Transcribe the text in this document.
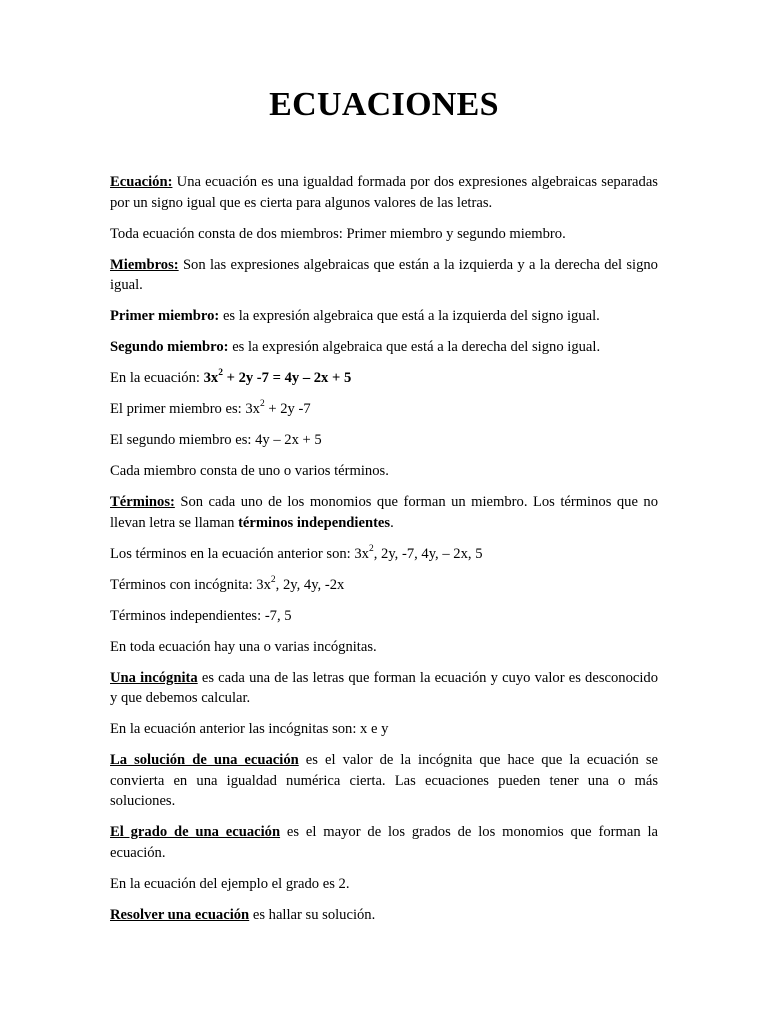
ECUACIONES

Ecuación: Una ecuación es una igualdad formada por dos expresiones algebraicas separadas por un signo igual que es cierta para algunos valores de las letras.

Toda ecuación consta de dos miembros: Primer miembro y segundo miembro.

Miembros: Son las expresiones algebraicas que están a la izquierda y a la derecha del signo igual.

Primer miembro: es la expresión algebraica que está a la izquierda del signo igual.

Segundo miembro: es la expresión algebraica que está a la derecha del signo igual.

En la ecuación: $3x^2 + 2y$ -7 = 4y – 2x + 5

El primer miembro es: $3x^2 + 2y$ -7

El segundo miembro es: 4y – 2x + 5

Cada miembro consta de uno o varios términos.

Términos: Son cada uno de los monomios que forman un miembro. Los términos que no llevan letra se llaman términos independientes.

Los términos en la ecuación anterior son: $3x^2$, 2y, -7, 4y, – 2x, 5

Términos con incógnita: $3x^2$, 2y, 4y, -2x

Términos independientes: -7, 5

En toda ecuación hay una o varias incógnitas.

Una incógnita es cada una de las letras que forman la ecuación y cuyo valor es desconocido y que debemos calcular.

En la ecuación anterior las incógnitas son: x e y

La solución de una ecuación es el valor de la incógnita que hace que la ecuación se convierta en una igualdad numérica cierta. Las ecuaciones pueden tener una o más soluciones.

El grado de una ecuación es el mayor de los grados de los monomios que forman la ecuación.

En la ecuación del ejemplo el grado es 2.

Resolver una ecuación es hallar su solución.
